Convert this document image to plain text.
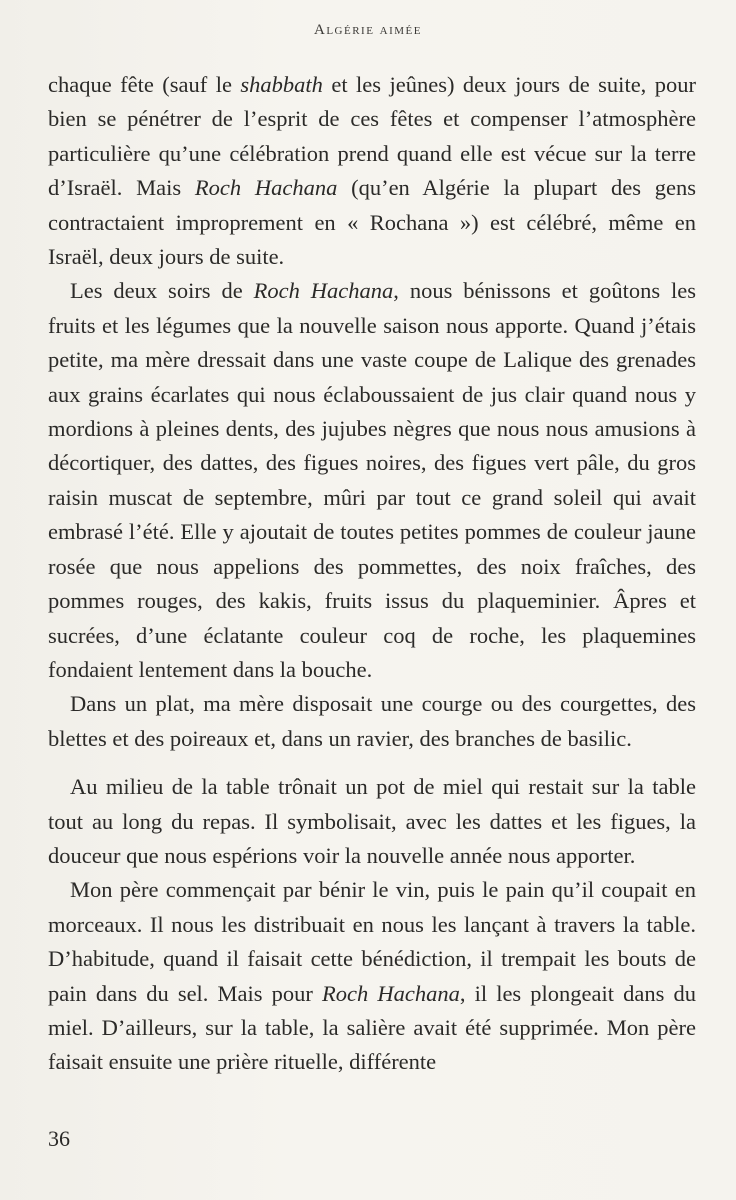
Algérie aimée

chaque fête (sauf le shabbath et les jeûnes) deux jours de suite, pour bien se pénétrer de l’esprit de ces fêtes et compenser l’atmosphère particulière qu’une célébration prend quand elle est vécue sur la terre d’Israël. Mais Roch Hachana (qu’en Algérie la plupart des gens contractaient improprement en « Rochana ») est célébré, même en Israël, deux jours de suite.

Les deux soirs de Roch Hachana, nous bénissons et goûtons les fruits et les légumes que la nouvelle saison nous apporte. Quand j’étais petite, ma mère dressait dans une vaste coupe de Lalique des grenades aux grains écarlates qui nous éclaboussaient de jus clair quand nous y mordions à pleines dents, des jujubes nègres que nous nous amusions à décortiquer, des dattes, des figues noires, des figues vert pâle, du gros raisin muscat de septembre, mûri par tout ce grand soleil qui avait embrasé l’été. Elle y ajoutait de toutes petites pommes de couleur jaune rosée que nous appelions des pommettes, des noix fraîches, des pommes rouges, des kakis, fruits issus du plaqueminier. Âpres et sucrées, d’une éclatante couleur coq de roche, les plaquemines fondaient lentement dans la bouche.

Dans un plat, ma mère disposait une courge ou des courgettes, des blettes et des poireaux et, dans un ravier, des branches de basilic.

Au milieu de la table trônait un pot de miel qui restait sur la table tout au long du repas. Il symbolisait, avec les dattes et les figues, la douceur que nous espérions voir la nouvelle année nous apporter.

Mon père commençait par bénir le vin, puis le pain qu’il coupait en morceaux. Il nous les distribuait en nous les lançant à travers la table. D’habitude, quand il faisait cette bénédiction, il trempait les bouts de pain dans du sel. Mais pour Roch Hachana, il les plongeait dans du miel. D’ailleurs, sur la table, la salière avait été supprimée. Mon père faisait ensuite une prière rituelle, différente

36
